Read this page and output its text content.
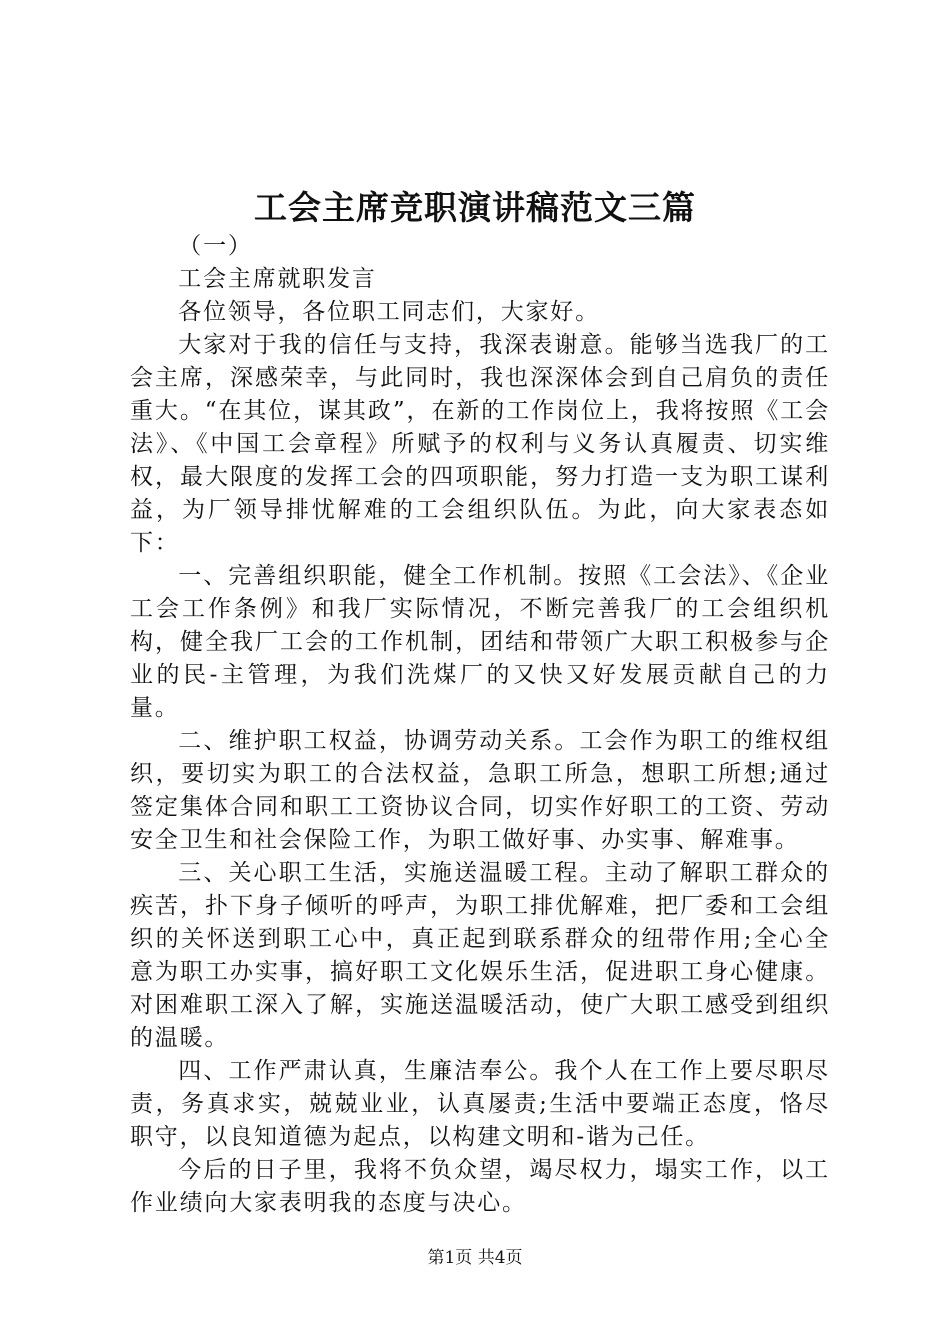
工会主席竞职演讲稿范文三篇

（一）

工会主席就职发言

各位领导，各位职工同志们，大家好。

大家对于我的信任与支持，我深表谢意。能够当选我厂的工会主席，深感荣幸，与此同时，我也深深体会到自己肩负的责任重大。“在其位，谋其政”，在新的工作岗位上，我将按照《工会法》、《中国工会章程》所赋予的权利与义务认真履责、切实维权，最大限度的发挥工会的四项职能，努力打造一支为职工谋利益，为厂领导排忧解难的工会组织队伍。为此，向大家表态如下：

一、完善组织职能，健全工作机制。按照《工会法》、《企业工会工作条例》和我厂实际情况，不断完善我厂的工会组织机构，健全我厂工会的工作机制，团结和带领广大职工积极参与企业的民-主管理，为我们洗煤厂的又快又好发展贡献自己的力量。

二、维护职工权益，协调劳动关系。工会作为职工的维权组织，要切实为职工的合法权益，急职工所急，想职工所想;通过签定集体合同和职工工资协议合同，切实作好职工的工资、劳动安全卫生和社会保险工作，为职工做好事、办实事、解难事。

三、关心职工生活，实施送温暖工程。主动了解职工群众的疾苦，扑下身子倾听的呼声，为职工排优解难，把厂委和工会组织的关怀送到职工心中，真正起到联系群众的纽带作用;全心全意为职工办实事，搞好职工文化娱乐生活，促进职工身心健康。对困难职工深入了解，实施送温暖活动，使广大职工感受到组织的温暖。

四、工作严肃认真，生廉洁奉公。我个人在工作上要尽职尽责，务真求实，兢兢业业，认真屡责;生活中要端正态度，恪尽职守，以良知道德为起点，以构建文明和-谐为己任。

今后的日子里，我将不负众望，竭尽权力，塌实工作，以工作业绩向大家表明我的态度与决心。

第1页 共4页
